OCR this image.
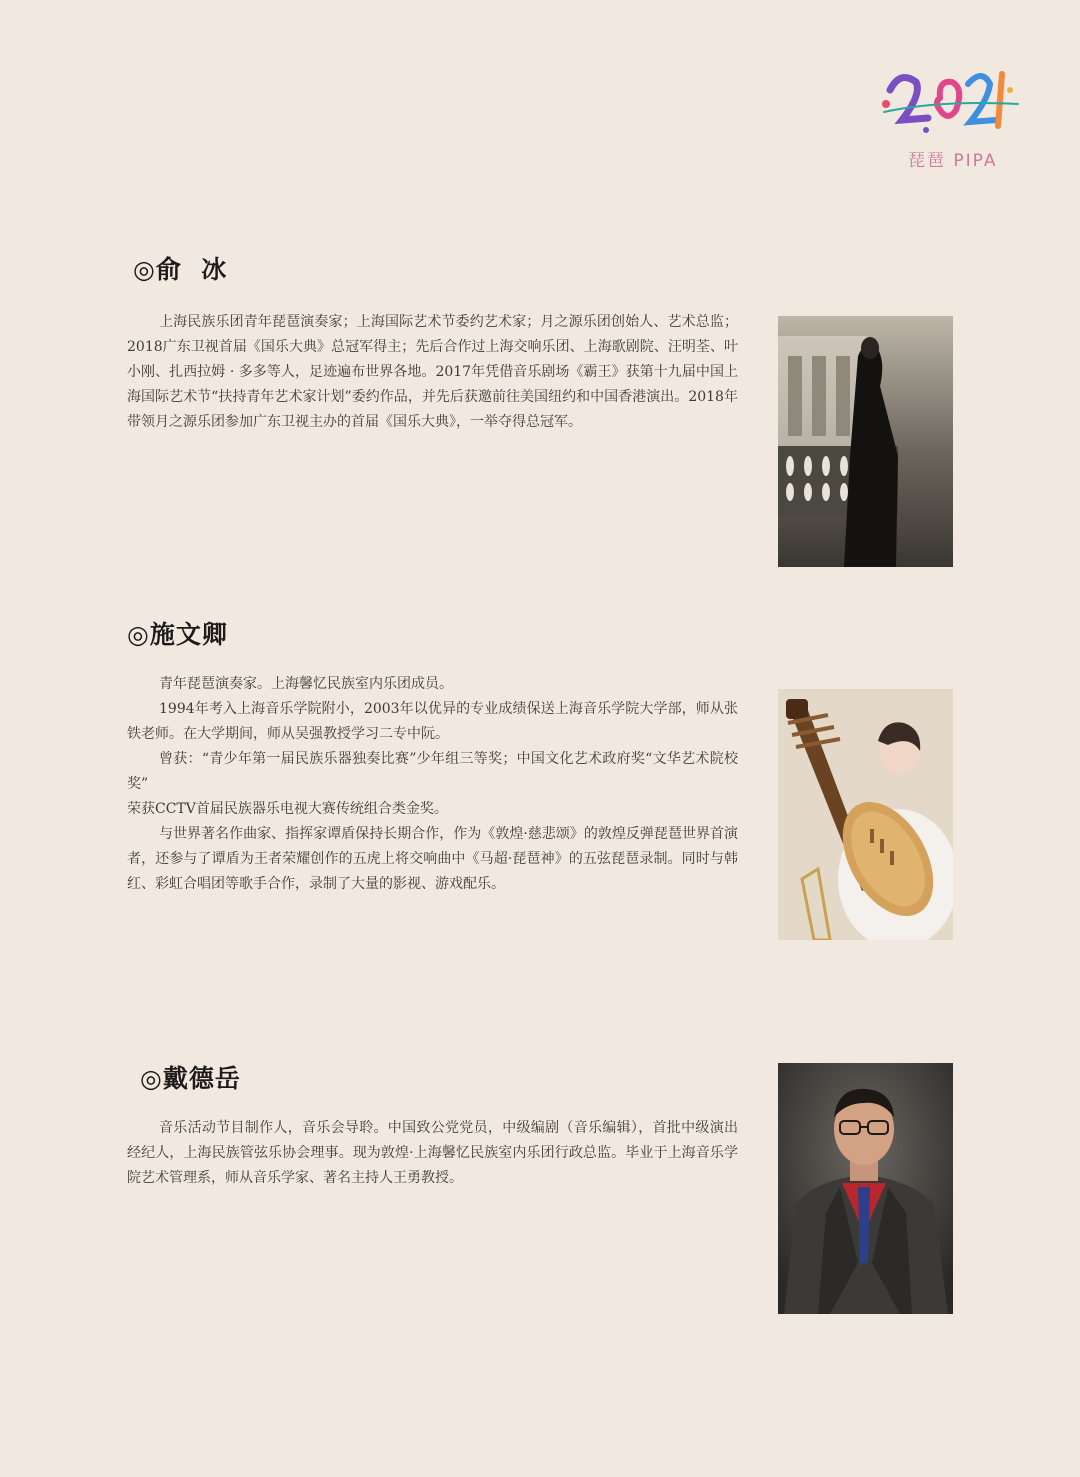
琵琶 PIPA
◎俞  冰

上海民族乐团青年琵琶演奏家；上海国际艺术节委约艺术家；月之源乐团创始人、艺术总监；2018广东卫视首届《国乐大典》总冠军得主；先后合作过上海交响乐团、上海歌剧院、汪明荃、叶小刚、扎西拉姆 · 多多等人，足迹遍布世界各地。2017年凭借音乐剧场《霸王》获第十九届中国上海国际艺术节“扶持青年艺术家计划”委约作品，并先后获邀前往美国纽约和中国香港演出。2018年带领月之源乐团参加广东卫视主办的首届《国乐大典》，一举夺得总冠军。

◎施文卿

青年琵琶演奏家。上海馨忆民族室内乐团成员。

1994年考入上海音乐学院附小，2003年以优异的专业成绩保送上海音乐学院大学部，师从张铁老师。在大学期间，师从吴强教授学习二专中阮。

曾获：“青少年第一届民族乐器独奏比赛”少年组三等奖；中国文化艺术政府奖“文华艺术院校奖”

荣获CCTV首届民族器乐电视大赛传统组合类金奖。

与世界著名作曲家、指挥家谭盾保持长期合作，作为《敦煌·慈悲颂》的敦煌反弹琵琶世界首演者，还参与了谭盾为王者荣耀创作的五虎上将交响曲中《马超·琵琶神》的五弦琵琶录制。同时与韩红、彩虹合唱团等歌手合作，录制了大量的影视、游戏配乐。

◎戴德岳

音乐活动节目制作人，音乐会导聆。中国致公党党员，中级编剧（音乐编辑），首批中级演出经纪人，上海民族管弦乐协会理事。现为敦煌·上海馨忆民族室内乐团行政总监。毕业于上海音乐学院艺术管理系，师从音乐学家、著名主持人王勇教授。
